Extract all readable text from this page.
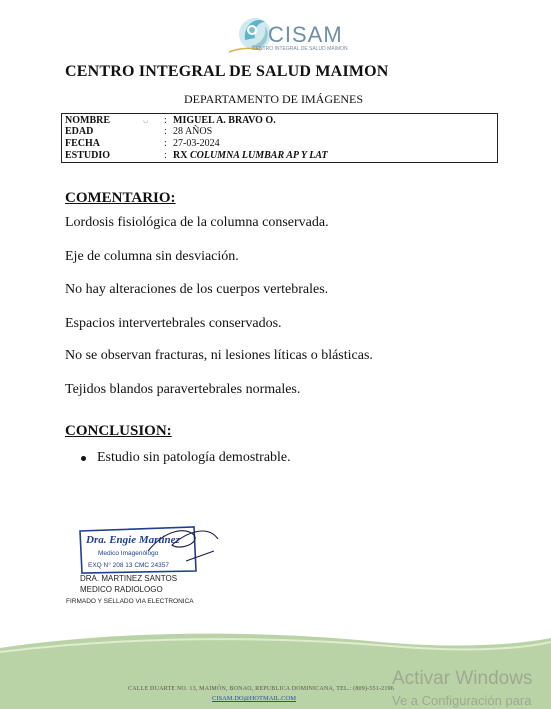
CISAM
CENTRO INTEGRAL DE SALUD MAIMON
CENTRO INTEGRAL DE SALUD MAIMON
DEPARTAMENTO DE IMÁGENES
◡
NOMBRE	: MIGUEL A. BRAVO O.
EDAD	: 28 AÑOS
FECHA	: 27-03-2024
ESTUDIO	: RX COLUMNA LUMBAR AP Y LAT
COMENTARIO:
Lordosis fisiológica de la columna conservada.
Eje de columna sin desviación.
No hay alteraciones de los cuerpos vertebrales.
Espacios intervertebrales conservados.
No se observan fracturas, ni lesiones líticas o blásticas.
Tejidos blandos paravertebrales normales.
CONCLUSION:
Estudio sin patología demostrable.
Dra. Engie Martinez
Medico Imagenólogo
EXQ N° 208 13 CMC 24357
DRA. MARTINEZ SANTOS
MEDICO RADIOLOGO
FIRMADO Y SELLADO VIA ELECTRONICA
CALLE DUARTE NO. 13, MAIMÓN, BONAO, REPUBLICA DOMINICANA, TEL.: (809)-551-2196
CISAM.DO@HOTMAIL.COM
Activar Windows
Ve a Configuración para
